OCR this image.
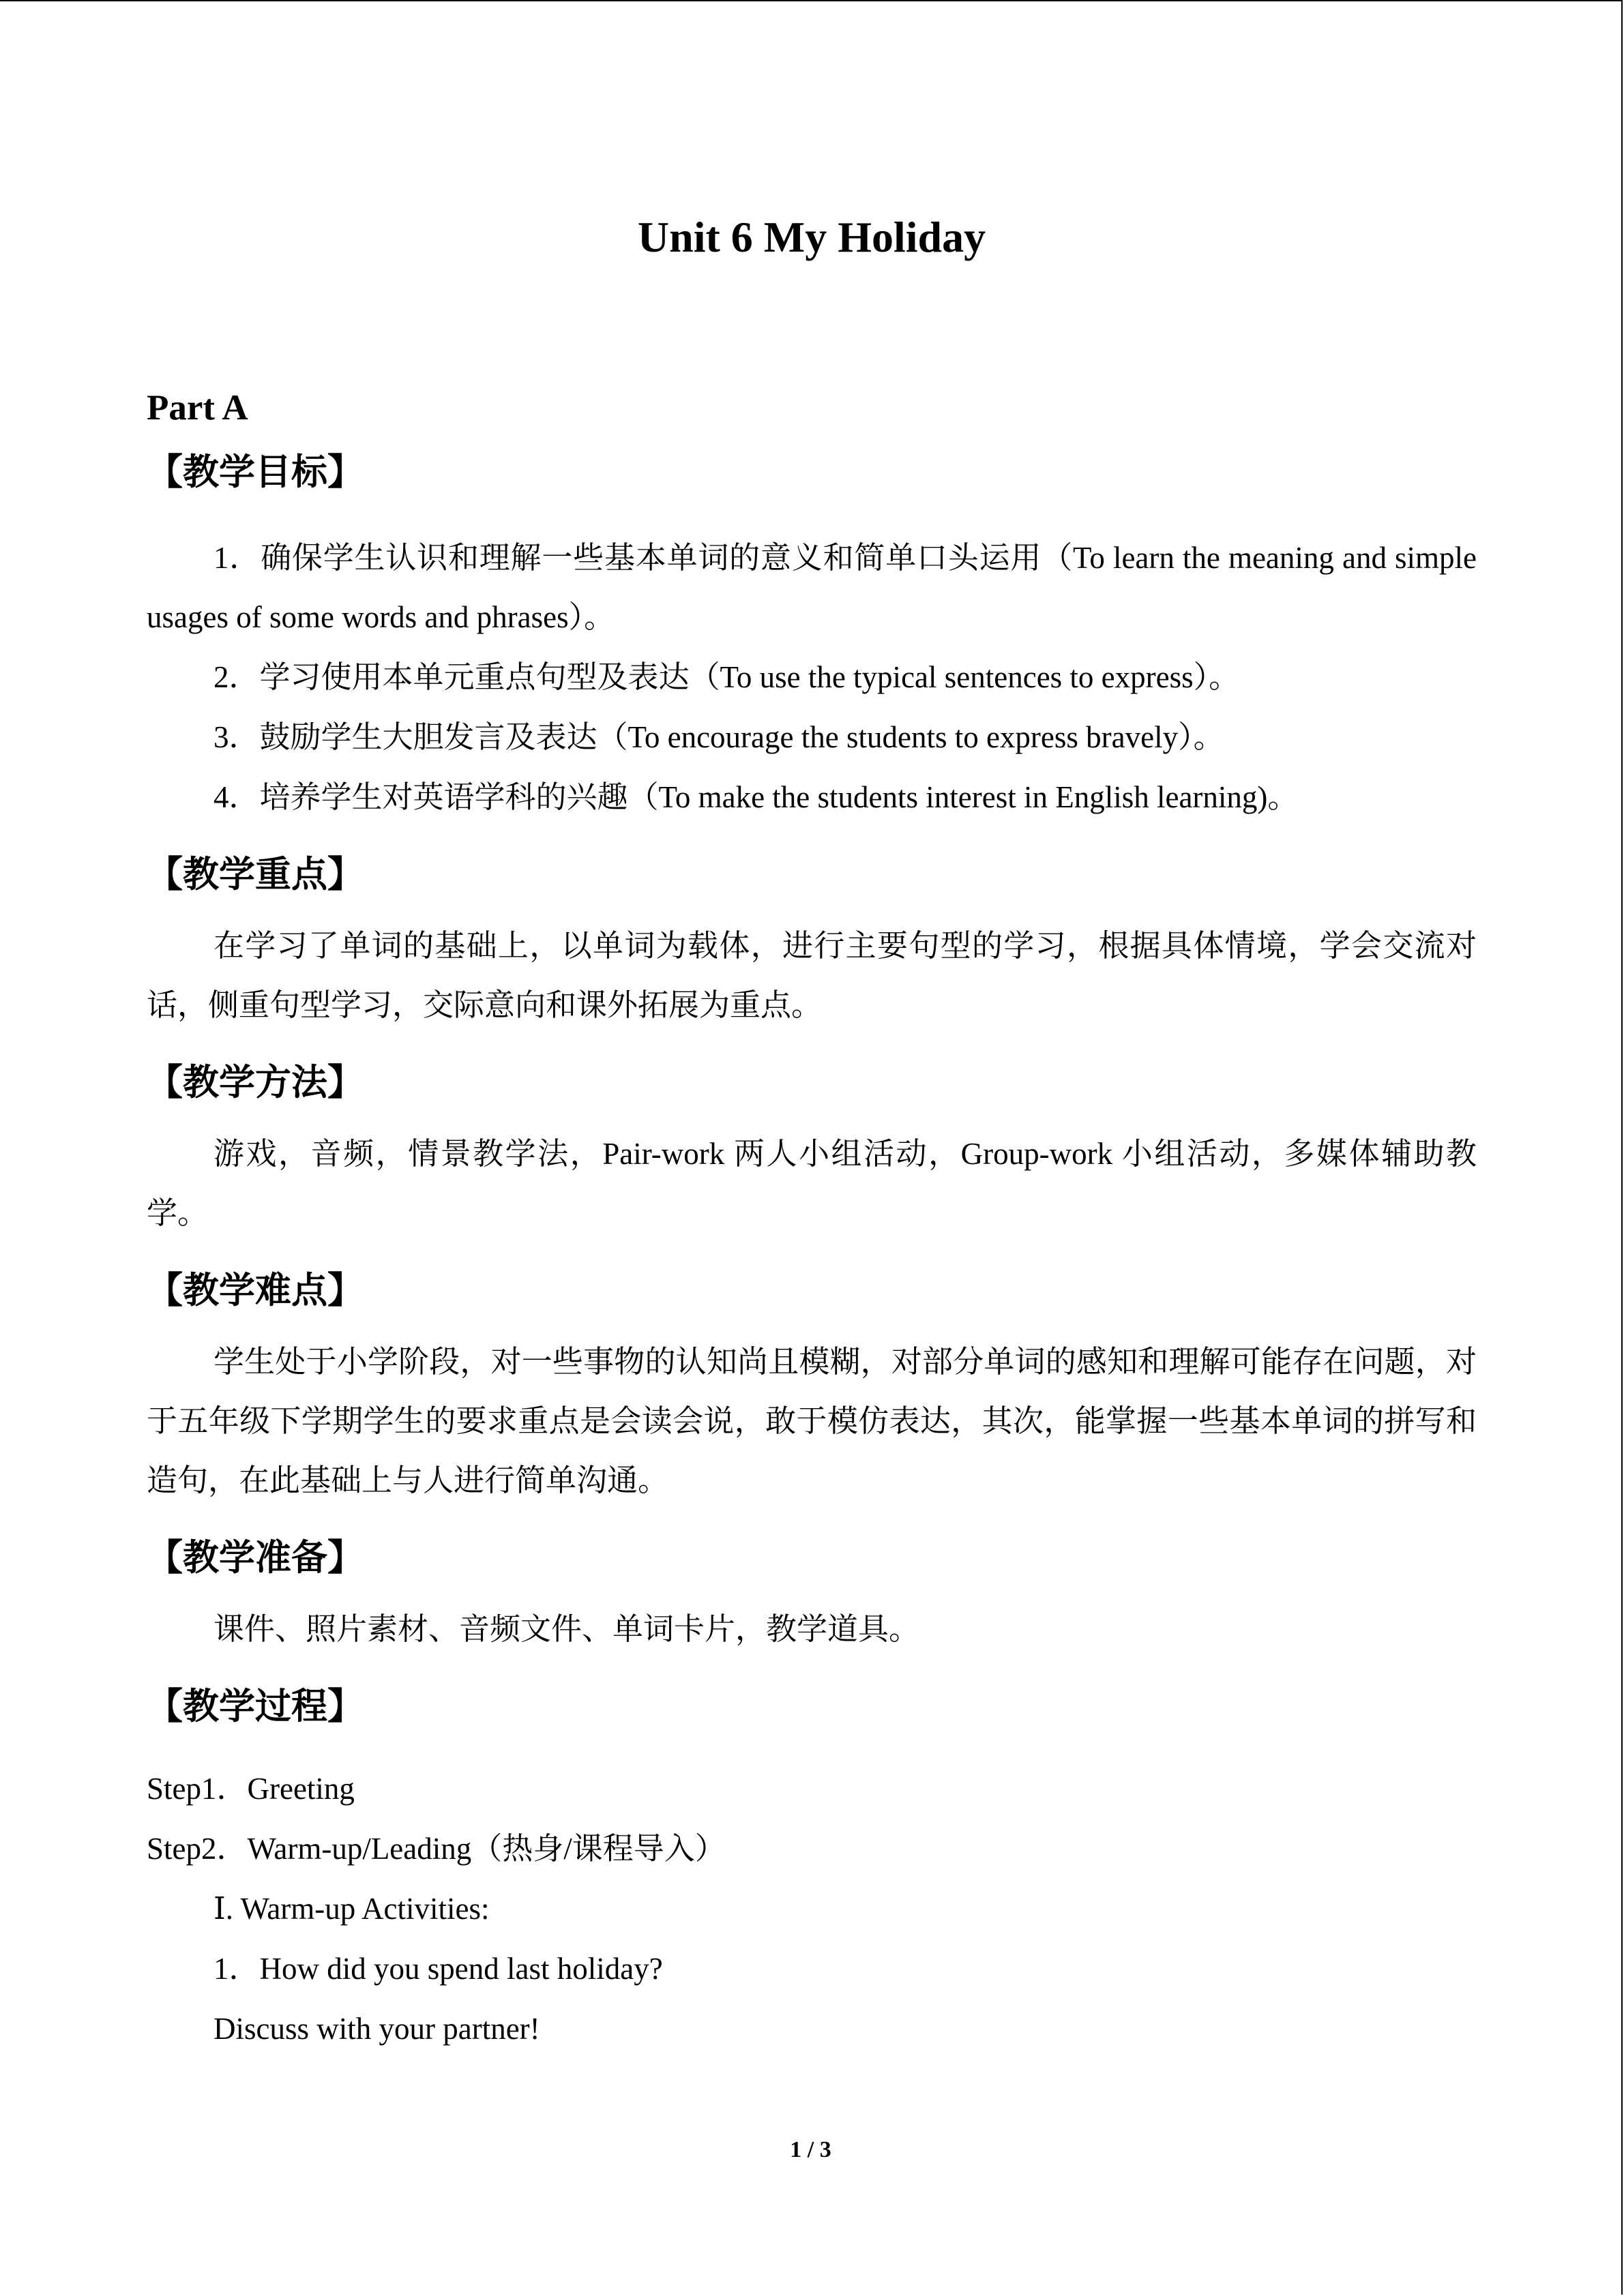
Unit 6 My Holiday
Part A
【教学目标】

1．确保学生认识和理解一些基本单词的意义和简单口头运用（To learn the meaning and simple usages of some words and phrases）。

2．学习使用本单元重点句型及表达（To use the typical sentences to express）。

3．鼓励学生大胆发言及表达（To encourage the students to express bravely）。

4．培养学生对英语学科的兴趣（To make the students interest in English learning)。

【教学重点】

在学习了单词的基础上，以单词为载体，进行主要句型的学习，根据具体情境，学会交流对话，侧重句型学习，交际意向和课外拓展为重点。

【教学方法】

游戏，音频，情景教学法，Pair-work 两人小组活动，Group-work 小组活动，多媒体辅助教学。

【教学难点】

学生处于小学阶段，对一些事物的认知尚且模糊，对部分单词的感知和理解可能存在问题，对于五年级下学期学生的要求重点是会读会说，敢于模仿表达，其次，能掌握一些基本单词的拼写和造句，在此基础上与人进行简单沟通。

【教学准备】

课件、照片素材、音频文件、单词卡片，教学道具。

【教学过程】

Step1．Greeting

Step2．Warm-up/Leading（热身/课程导入）

Ⅰ. Warm-up Activities:

1．How did you spend last holiday?

Discuss with your partner!

1 / 3
